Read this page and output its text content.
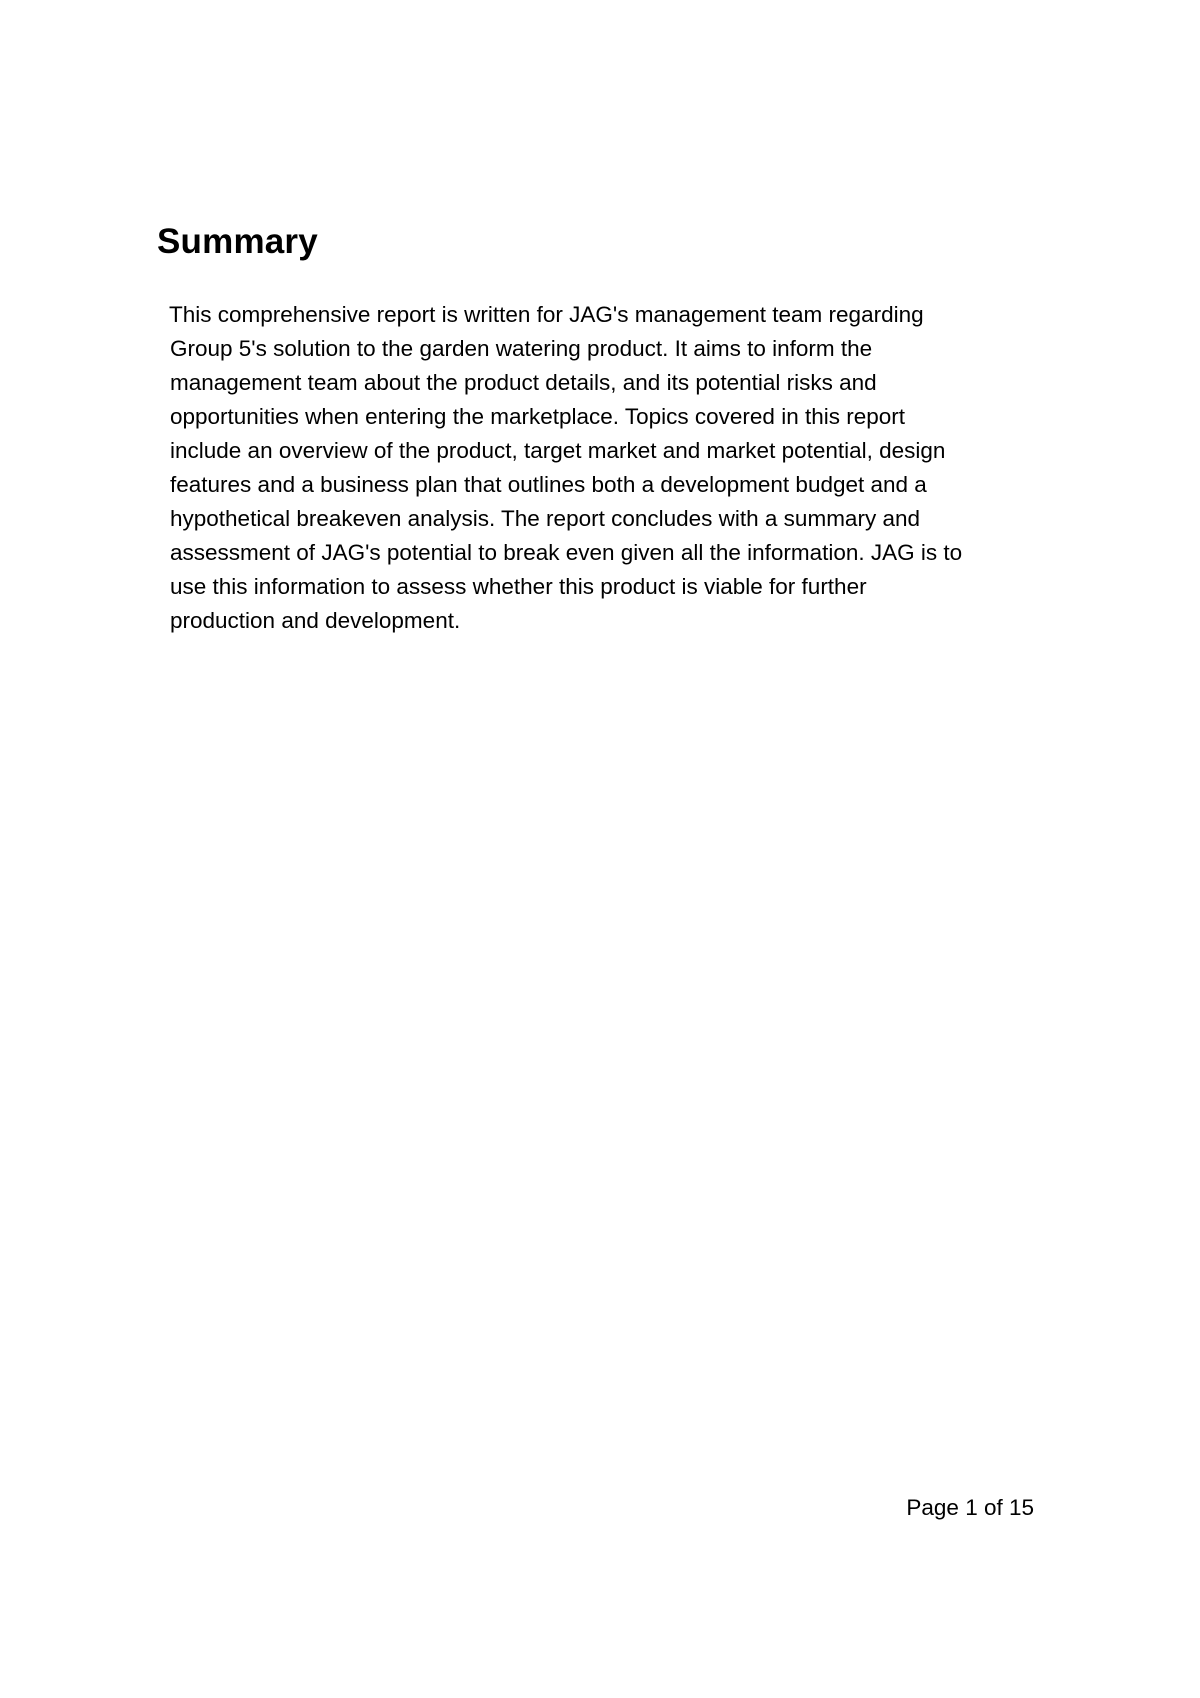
Summary

This comprehensive report is written for JAG's management team regarding
Group 5's solution to the garden watering product. It aims to inform the
management team about the product details, and its potential risks and
opportunities when entering the marketplace. Topics covered in this report
include an overview of the product, target market and market potential, design
features and a business plan that outlines both a development budget and a
hypothetical breakeven analysis. The report concludes with a summary and
assessment of JAG's potential to break even given all the information. JAG is to
use this information to assess whether this product is viable for further
production and development.

Page 1 of 15
